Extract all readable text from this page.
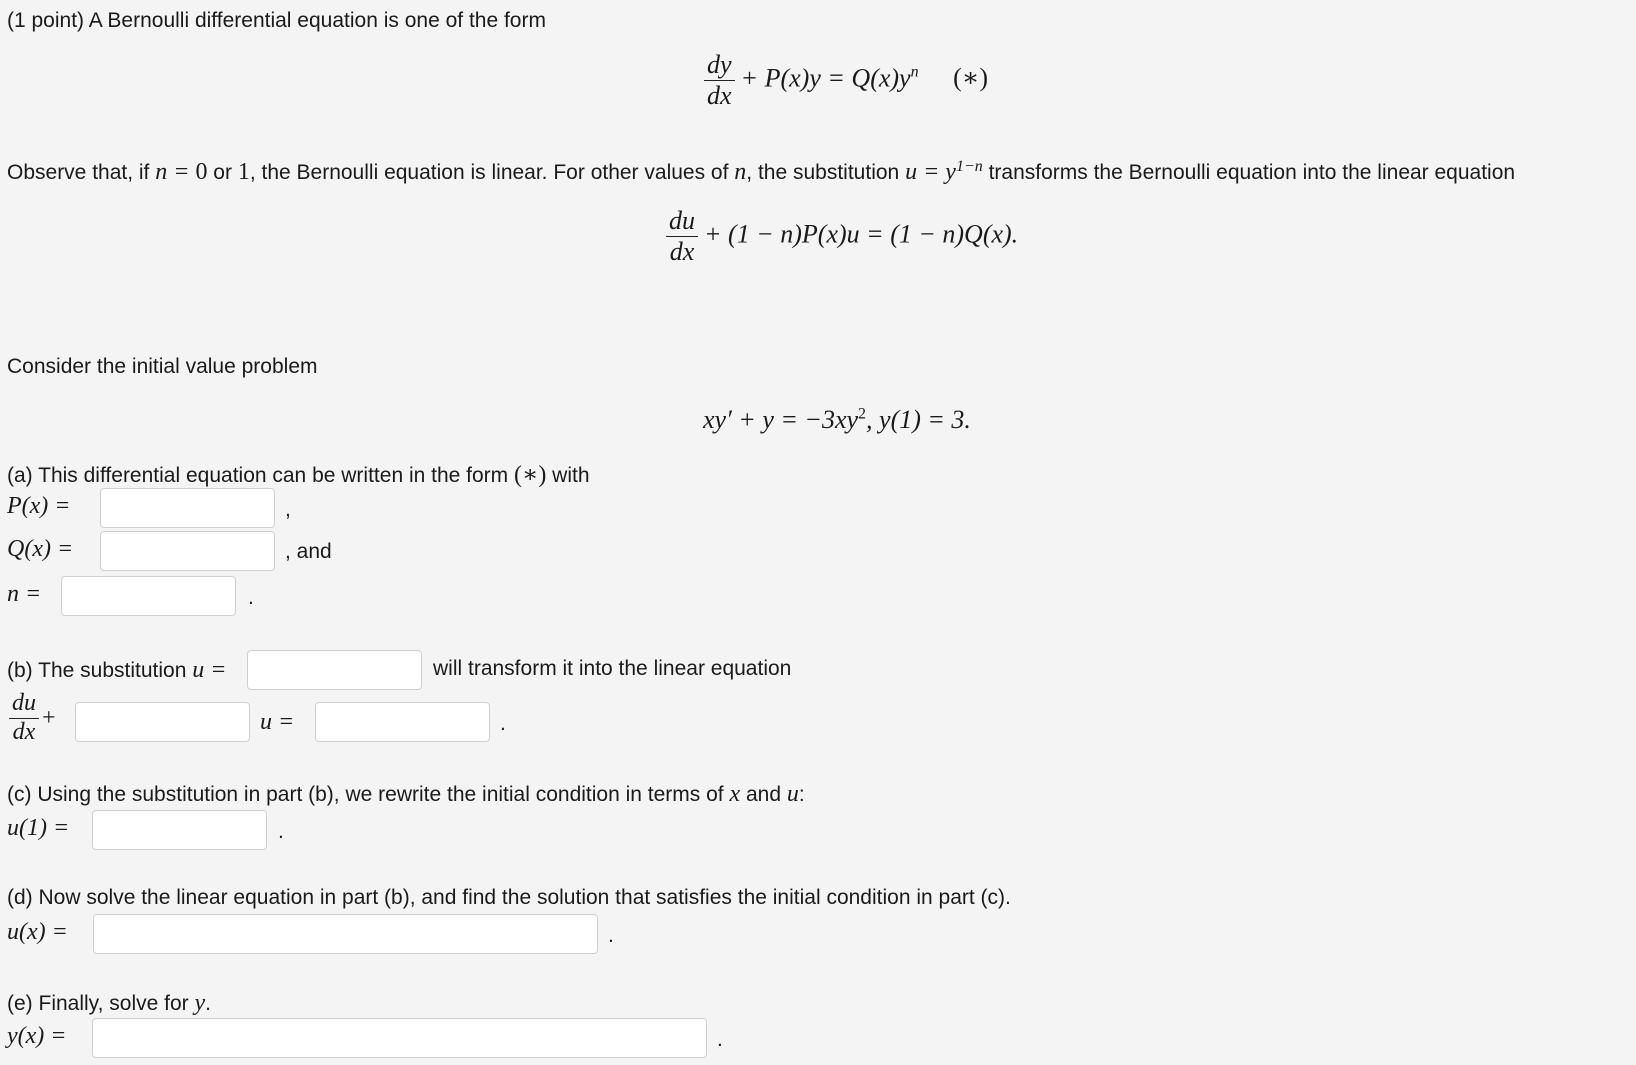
(1 point) A Bernoulli differential equation is one of the form
$\frac{dy}{dx} + P(x)y = Q(x)y^n$ (∗)
Observe that, if n = 0 or 1, the Bernoulli equation is linear. For other values of n, the substitution $u = y^{1-n}$ transforms the Bernoulli equation into the linear equation
$\frac{du}{dx} + (1 - n)P(x)u = (1 - n)Q(x)$.
Consider the initial value problem
$xy' + y = -3xy^2$, y(1) = 3.
(a) This differential equation can be written in the form (∗) with
P(x) =	,
Q(x) =	, and
n =	.
(b) The substitution u =	will transform it into the linear equation
$\frac{du}{dx}$ +	u =	.
(c) Using the substitution in part (b), we rewrite the initial condition in terms of x and u:
u(1) =	.
(d) Now solve the linear equation in part (b), and find the solution that satisfies the initial condition in part (c).
u(x) =	.
(e) Finally, solve for y.
y(x) =	.
